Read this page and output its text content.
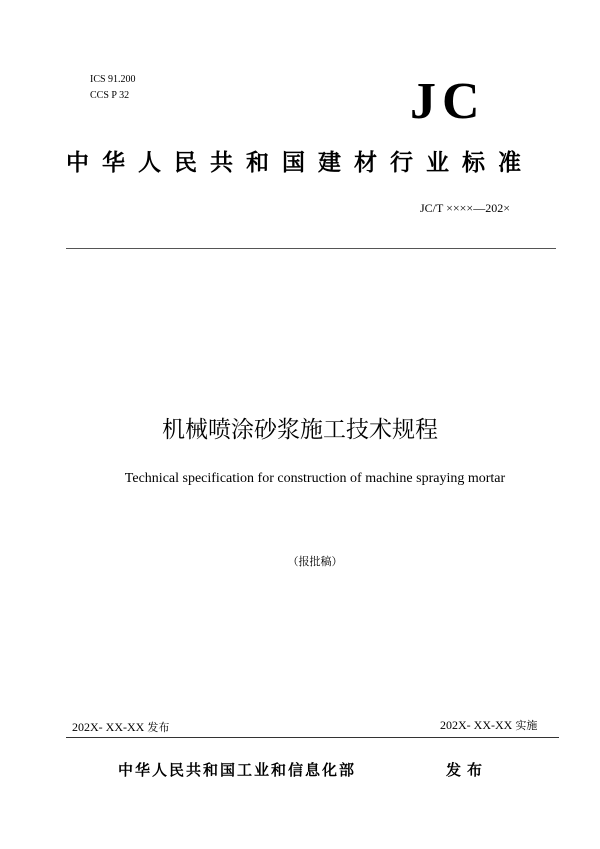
ICS 91.200
CCS P 32	JC
中华人民共和国建材行业标准
JC/T ××××—202×
机械喷涂砂浆施工技术规程
Technical specification for construction of machine spraying mortar
（报批稿）
202X- XX-XX 发布	202X- XX-XX 实施
中华人民共和国工业和信息化部	发布
